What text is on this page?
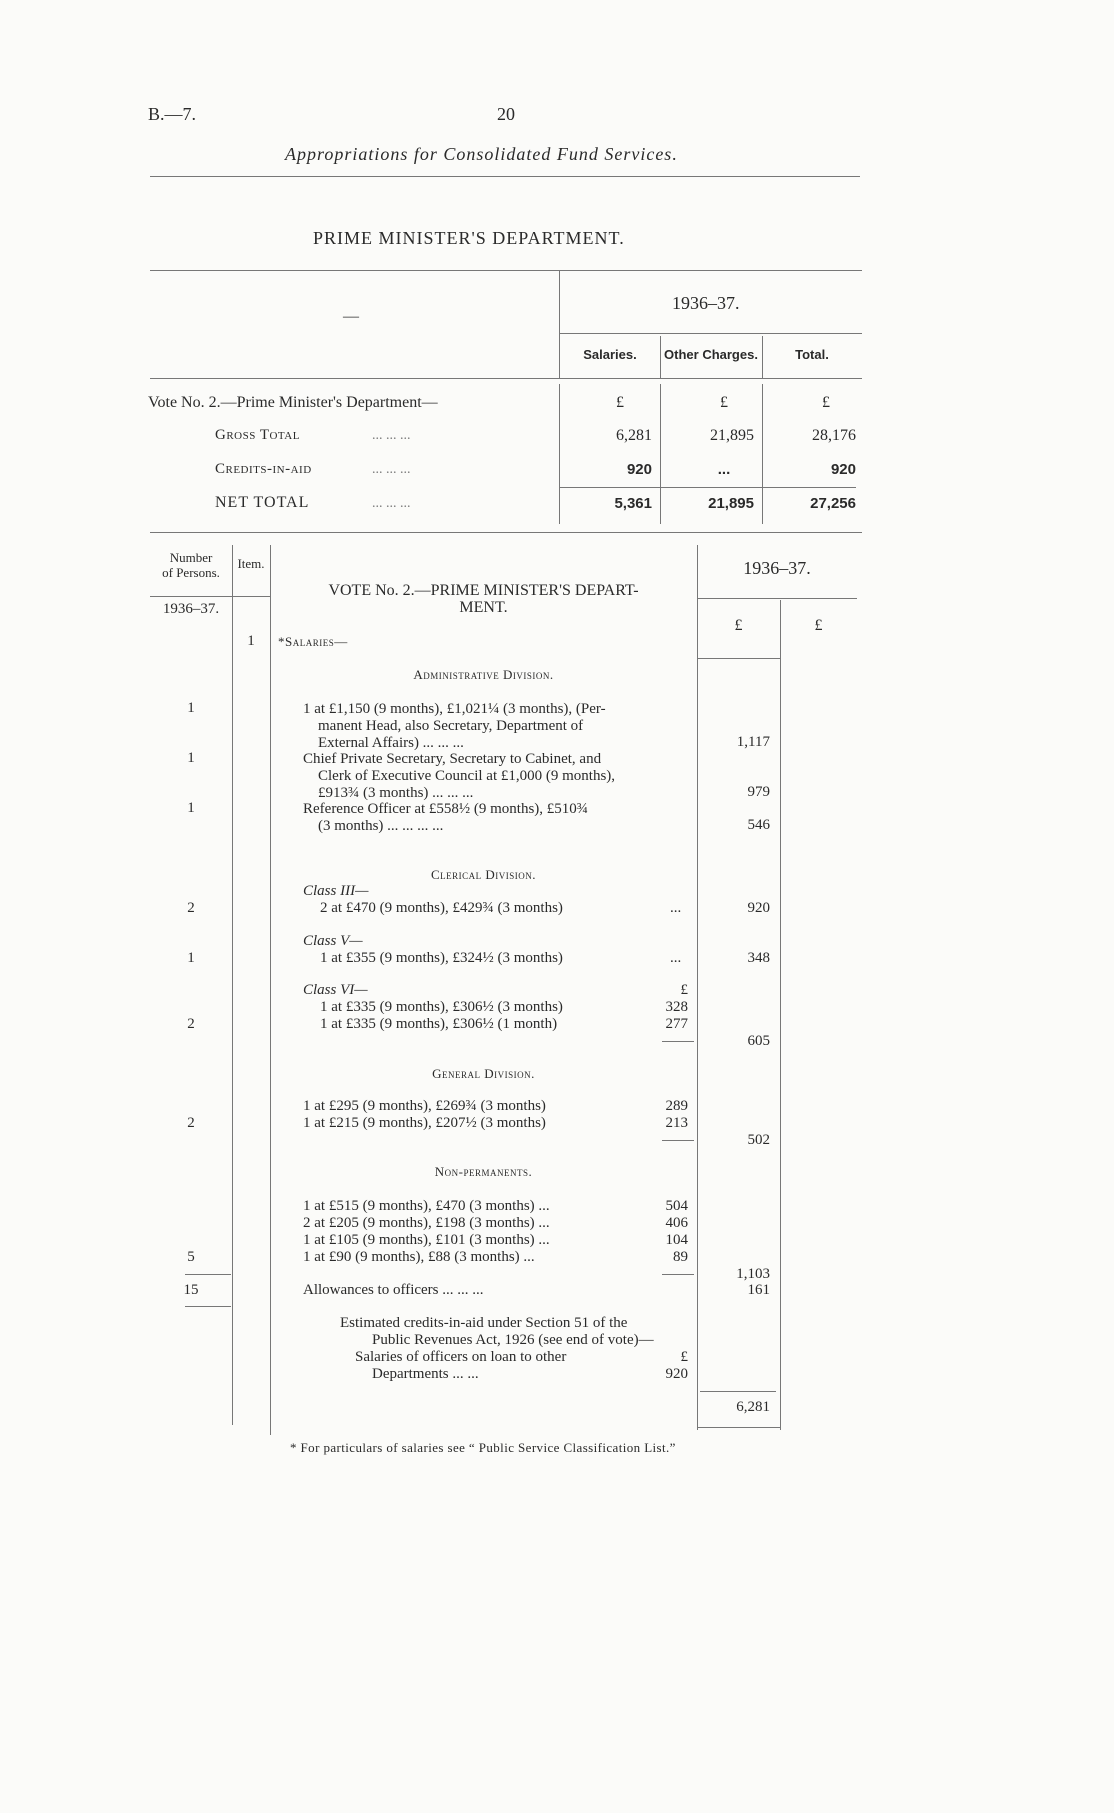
B.—7.	20
Appropriations for Consolidated Fund Services.
PRIME MINISTER'S DEPARTMENT.
—
1936–37.
Salaries.	Other Charges.	Total.
Vote No. 2.—Prime Minister's Department—	£	£	£
Gross Total	... ... ...	6,281	21,895	28,176
Credits-in-aid	... ... ...	920	...	920
NET TOTAL	... ... ...	5,361	21,895	27,256
Number
of Persons.
Item.
1936–37.
VOTE No. 2.—PRIME MINISTER'S DEPART-
MENT.
1936–37.
£	£
1	*Salaries—
Administrative Division.
1	1 at £1,150 (9 months), £1,021¼ (3 months), (Per-
manent Head, also Secretary, Department of
External Affairs) ... ... ...	1,117
1	Chief Private Secretary, Secretary to Cabinet, and
Clerk of Executive Council at £1,000 (9 months),
£913¾ (3 months) ... ... ...	979
1	Reference Officer at £558½ (9 months), £510¾
(3 months) ... ... ... ...	546
Clerical Division.
Class III—
2	2 at £470 (9 months), £429¾ (3 months)	...	920
Class V—
1	1 at £355 (9 months), £324½ (3 months)	...	348
Class VI—	£
1 at £335 (9 months), £306½ (3 months)	328
2	1 at £335 (9 months), £306½ (1 month)	277
605
General Division.
1 at £295 (9 months), £269¾ (3 months)	289
2	1 at £215 (9 months), £207½ (3 months)	213
502
Non-permanents.
1 at £515 (9 months), £470 (3 months) ...	504
2 at £205 (9 months), £198 (3 months) ...	406
1 at £105 (9 months), £101 (3 months) ...	104
5	1 at £90 (9 months), £88 (3 months) ...	89
1,103
15	Allowances to officers ... ... ...	161
Estimated credits-in-aid under Section 51 of the
Public Revenues Act, 1926 (see end of vote)—
Salaries of officers on loan to other	£
Departments ... ...	920
6,281
* For particulars of salaries see “ Public Service Classification List.”
